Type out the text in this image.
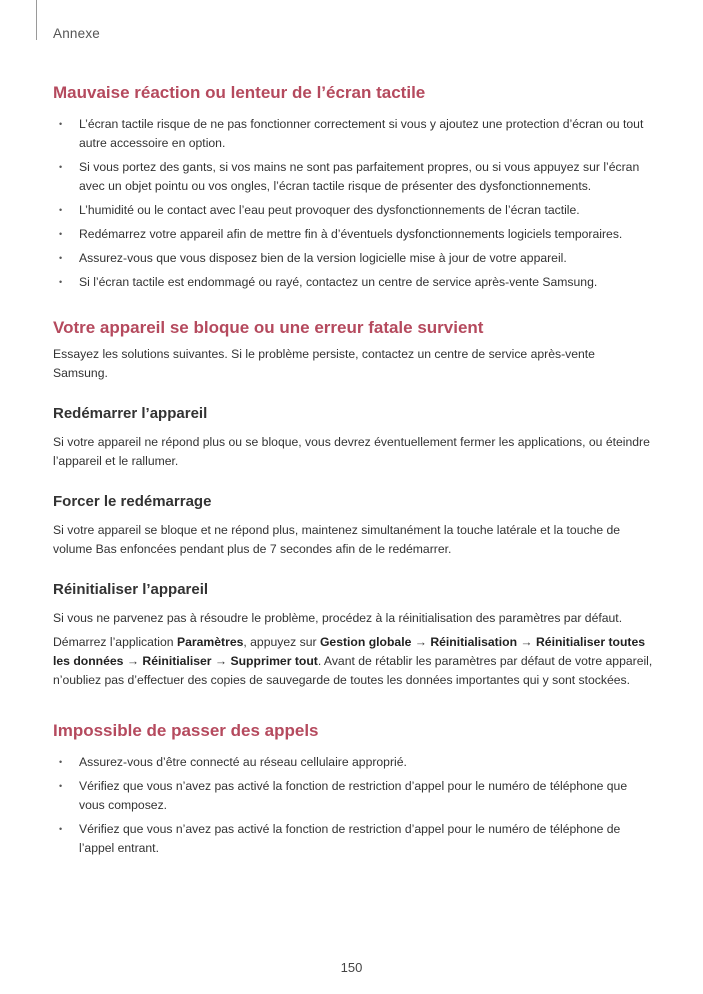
Annexe
Mauvaise réaction ou lenteur de l’écran tactile
• L’écran tactile risque de ne pas fonctionner correctement si vous y ajoutez une protection d’écran ou tout autre accessoire en option.
• Si vous portez des gants, si vos mains ne sont pas parfaitement propres, ou si vous appuyez sur l’écran avec un objet pointu ou vos ongles, l’écran tactile risque de présenter des dysfonctionnements.
• L’humidité ou le contact avec l’eau peut provoquer des dysfonctionnements de l’écran tactile.
• Redémarrez votre appareil afin de mettre fin à d’éventuels dysfonctionnements logiciels temporaires.
• Assurez-vous que vous disposez bien de la version logicielle mise à jour de votre appareil.
• Si l’écran tactile est endommagé ou rayé, contactez un centre de service après-vente Samsung.
Votre appareil se bloque ou une erreur fatale survient

Essayez les solutions suivantes. Si le problème persiste, contactez un centre de service après-vente Samsung.

Redémarrer l’appareil

Si votre appareil ne répond plus ou se bloque, vous devrez éventuellement fermer les applications, ou éteindre l’appareil et le rallumer.

Forcer le redémarrage

Si votre appareil se bloque et ne répond plus, maintenez simultanément la touche latérale et la touche de volume Bas enfoncées pendant plus de 7 secondes afin de le redémarrer.

Réinitialiser l’appareil

Si vous ne parvenez pas à résoudre le problème, procédez à la réinitialisation des paramètres par défaut.

Démarrez l’application Paramètres, appuyez sur Gestion globale → Réinitialisation → Réinitialiser toutes les données → Réinitialiser → Supprimer tout. Avant de rétablir les paramètres par défaut de votre appareil, n’oubliez pas d’effectuer des copies de sauvegarde de toutes les données importantes qui y sont stockées.

Impossible de passer des appels
• Assurez-vous d’être connecté au réseau cellulaire approprié.
• Vérifiez que vous n’avez pas activé la fonction de restriction d’appel pour le numéro de téléphone que vous composez.
• Vérifiez que vous n’avez pas activé la fonction de restriction d’appel pour le numéro de téléphone de l’appel entrant.
150
